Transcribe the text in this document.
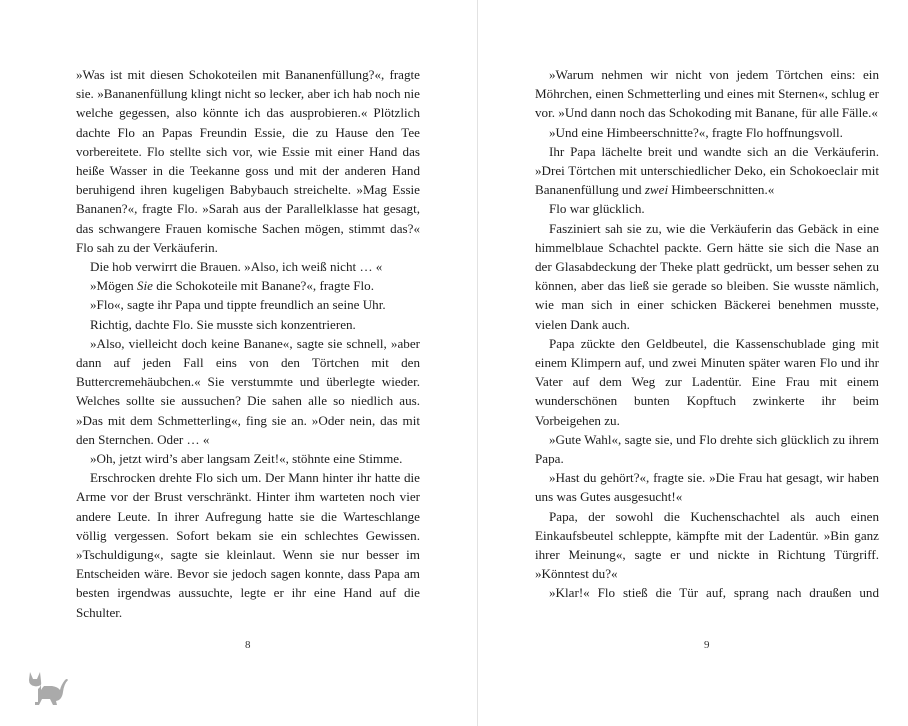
»Was ist mit diesen Schokoteilen mit Bananenfüllung?«, fragte sie. »Bananenfüllung klingt nicht so lecker, aber ich hab noch nie welche gegessen, also könnte ich das ausprobieren.« Plötzlich dachte Flo an Papas Freundin Essie, die zu Hause den Tee vorbereitete. Flo stellte sich vor, wie Essie mit einer Hand das heiße Wasser in die Teekanne goss und mit der anderen Hand beruhigend ihren kugeligen Babybauch streichelte. »Mag Essie Bananen?«, fragte Flo. »Sarah aus der Parallelklasse hat gesagt, das schwangere Frauen komische Sachen mögen, stimmt das?« Flo sah zu der Verkäuferin.

Die hob verwirrt die Brauen. »Also, ich weiß nicht … «

»Mögen Sie die Schokoteile mit Banane?«, fragte Flo.

»Flo«, sagte ihr Papa und tippte freundlich an seine Uhr.

Richtig, dachte Flo. Sie musste sich konzentrieren.

»Also, vielleicht doch keine Banane«, sagte sie schnell, »aber dann auf jeden Fall eins von den Törtchen mit den Buttercremehäubchen.« Sie verstummte und überlegte wieder. Welches sollte sie aussuchen? Die sahen alle so niedlich aus. »Das mit dem Schmetterling«, fing sie an. »Oder nein, das mit den Sternchen. Oder … «

»Oh, jetzt wird’s aber langsam Zeit!«, stöhnte eine Stimme.

Erschrocken drehte Flo sich um. Der Mann hinter ihr hatte die Arme vor der Brust verschränkt. Hinter ihm warteten noch vier andere Leute. In ihrer Aufregung hatte sie die Warteschlange völlig vergessen. Sofort bekam sie ein schlechtes Gewissen. »Tschuldigung«, sagte sie kleinlaut. Wenn sie nur besser im Entscheiden wäre. Bevor sie jedoch sagen konnte, dass Papa am besten irgendwas aussuchte, legte er ihr eine Hand auf die Schulter.

»Warum nehmen wir nicht von jedem Törtchen eins: ein Möhrchen, einen Schmetterling und eines mit Sternen«, schlug er vor. »Und dann noch das Schokoding mit Banane, für alle Fälle.«

»Und eine Himbeerschnitte?«, fragte Flo hoffnungsvoll.

Ihr Papa lächelte breit und wandte sich an die Verkäuferin. »Drei Törtchen mit unterschiedlicher Deko, ein Schokoeclair mit Bananenfüllung und zwei Himbeerschnitten.«

Flo war glücklich.

Fasziniert sah sie zu, wie die Verkäuferin das Gebäck in eine himmelblaue Schachtel packte. Gern hätte sie sich die Nase an der Glasabdeckung der Theke platt gedrückt, um besser sehen zu können, aber das ließ sie gerade so bleiben. Sie wusste nämlich, wie man sich in einer schicken Bäckerei benehmen musste, vielen Dank auch.

Papa zückte den Geldbeutel, die Kassenschublade ging mit einem Klimpern auf, und zwei Minuten später waren Flo und ihr Vater auf dem Weg zur Ladentür. Eine Frau mit einem wunderschönen bunten Kopftuch zwinkerte ihr beim Vorbeigehen zu.

»Gute Wahl«, sagte sie, und Flo drehte sich glücklich zu ihrem Papa.

»Hast du gehört?«, fragte sie. »Die Frau hat gesagt, wir haben uns was Gutes ausgesucht!«

Papa, der sowohl die Kuchenschachtel als auch einen Einkaufsbeutel schleppte, kämpfte mit der Ladentür. »Bin ganz ihrer Meinung«, sagte er und nickte in Richtung Türgriff. »Könntest du?«

»Klar!« Flo stieß die Tür auf, sprang nach draußen und

8	9
